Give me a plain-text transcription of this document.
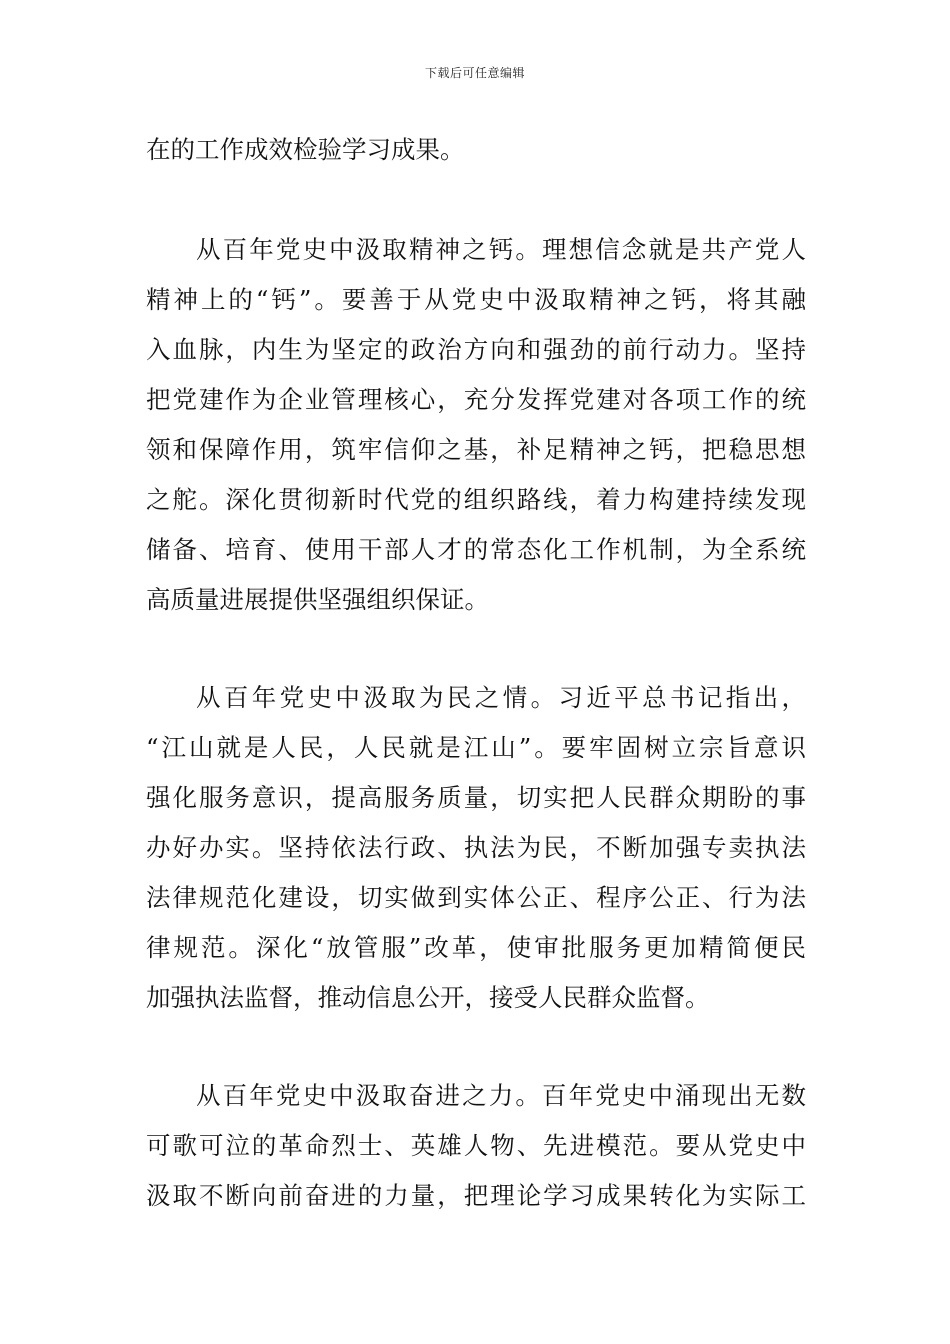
下载后可任意编辑
在的工作成效检验学习成果。
从百年党史中汲取精神之钙。理想信念就是共产党人
精神上的“钙”。要善于从党史中汲取精神之钙，将其融
入血脉，内生为坚定的政治方向和强劲的前行动力。坚持
把党建作为企业管理核心，充分发挥党建对各项工作的统
领和保障作用，筑牢信仰之基，补足精神之钙，把稳思想
之舵。深化贯彻新时代党的组织路线，着力构建持续发现
储备、培育、使用干部人才的常态化工作机制，为全系统
高质量进展提供坚强组织保证。
从百年党史中汲取为民之情。习近平总书记指出，
“江山就是人民，人民就是江山”。要牢固树立宗旨意识
强化服务意识，提高服务质量，切实把人民群众期盼的事
办好办实。坚持依法行政、执法为民，不断加强专卖执法
法律规范化建设，切实做到实体公正、程序公正、行为法
律规范。深化“放管服”改革，使审批服务更加精简便民
加强执法监督，推动信息公开，接受人民群众监督。
从百年党史中汲取奋进之力。百年党史中涌现出无数
可歌可泣的革命烈士、英雄人物、先进模范。要从党史中
汲取不断向前奋进的力量，把理论学习成果转化为实际工
